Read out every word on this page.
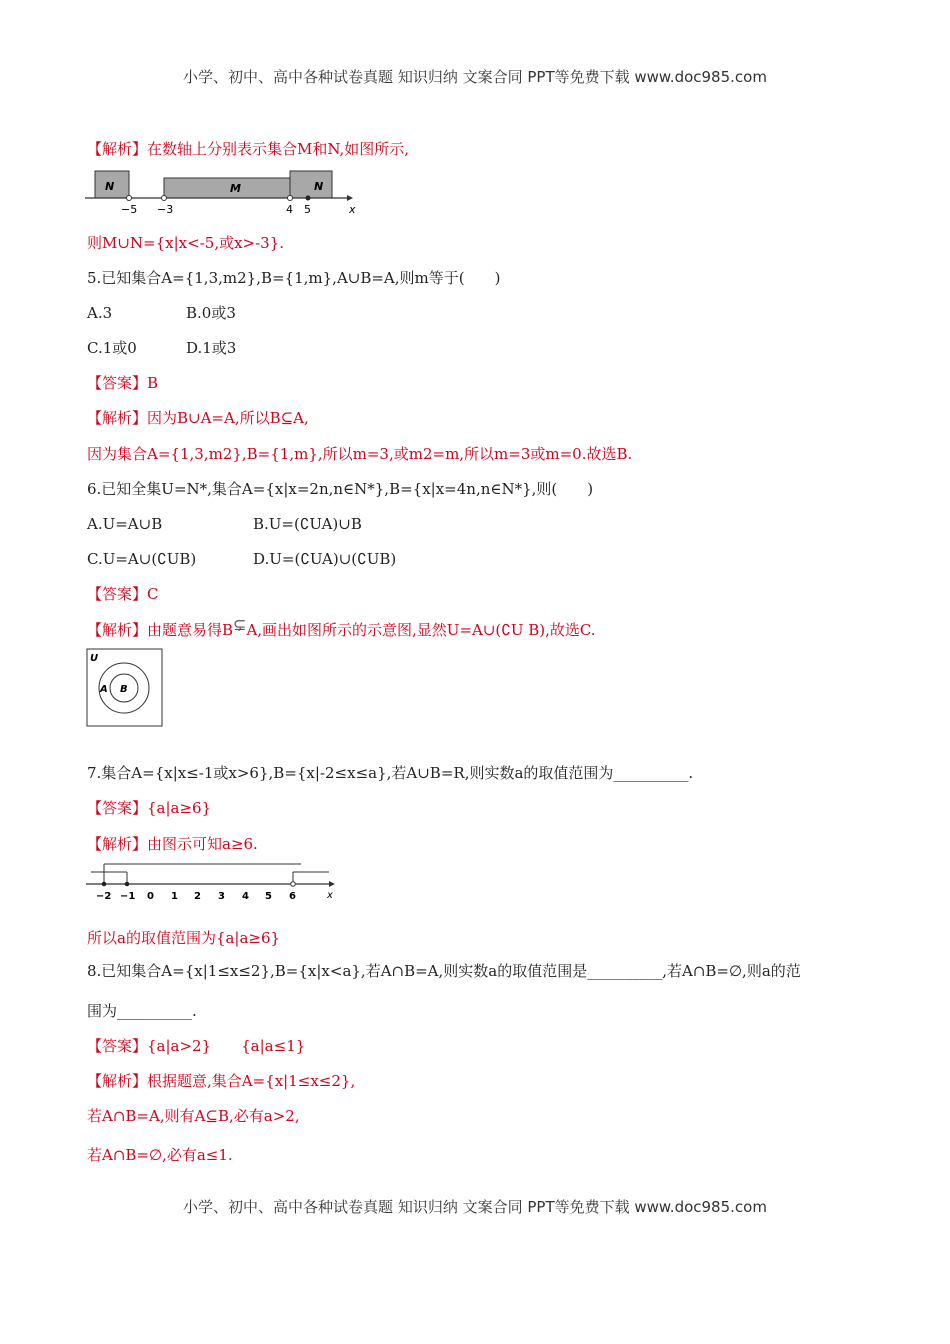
小学、初中、高中各种试卷真题 知识归纳 文案合同 PPT等免费下载 www.doc985.com
【解析】在数轴上分别表示集合M和N,如图所示,
N	M	N
−5 −3	4 5	x
则M∪N={x|x<-5,或x>-3}.
5.已知集合A={1,3,m2},B={1,m},A∪B=A,则m等于(　　)
A.3	B.0或3
C.1或0	D.1或3
【答案】B
【解析】因为B∪A=A,所以B⊆A,
因为集合A={1,3,m2},B={1,m},所以m=3,或m2=m,所以m=3或m=0.故选B.
6.已知全集U=N*,集合A={x|x=2n,n∈N*},B={x|x=4n,n∈N*},则(　　)
A.U=A∪B	B.U=(∁UA)∪B
C.U=A∪(∁UB)	D.U=(∁UA)∪(∁UB)
【答案】C
【解析】由题意易得B⊊A,画出如图所示的示意图,显然U=A∪(∁U B),故选C.
U
A B
7.集合A={x|x≤-1或x>6},B={x|-2≤x≤a},若A∪B=R,则实数a的取值范围为__________.
【答案】{a|a≥6}
【解析】由图示可知a≥6.
−2 −1 0 1 2 3 4 5 6	x
所以a的取值范围为{a|a≥6}
8.已知集合A={x|1≤x≤2},B={x|x<a},若A∩B=A,则实数a的取值范围是__________,若A∩B=∅,则a的范
围为__________.
【答案】{a|a>2}　　{a|a≤1}
【解析】根据题意,集合A={x|1≤x≤2},
若A∩B=A,则有A⊆B,必有a>2,
若A∩B=∅,必有a≤1.
小学、初中、高中各种试卷真题 知识归纳 文案合同 PPT等免费下载 www.doc985.com
